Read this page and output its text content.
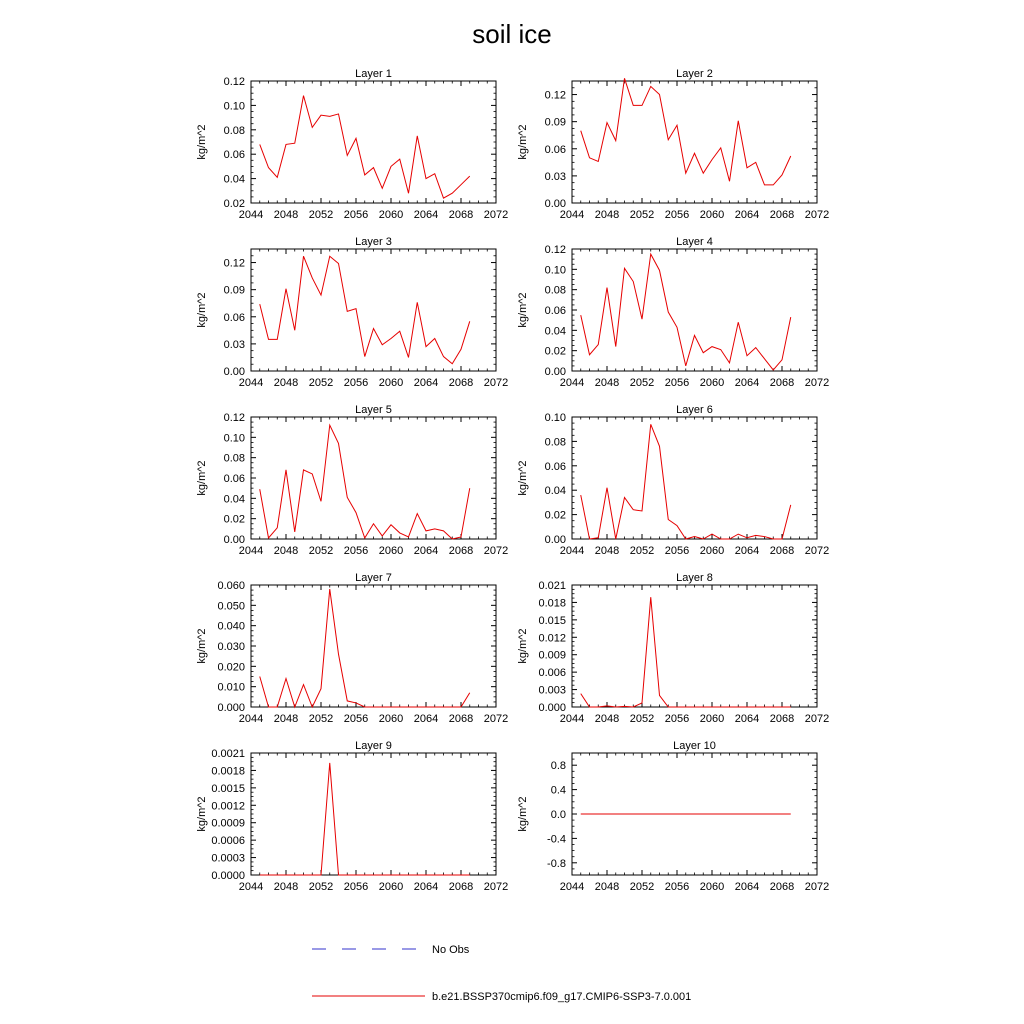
soil ice
Layer 1
kg/m^2
2044 2048 2052 2056 2060 2064 2068 2072
0.02
0.04
0.06
0.08
0.10
0.12
Layer 2
kg/m^2
2044 2048 2052 2056 2060 2064 2068 2072
0.00
0.03
0.06
0.09
0.12
Layer 3
kg/m^2
2044 2048 2052 2056 2060 2064 2068 2072
0.00
0.03
0.06
0.09
0.12
Layer 4
kg/m^2
2044 2048 2052 2056 2060 2064 2068 2072
0.00
0.02
0.04
0.06
0.08
0.10
0.12
Layer 5
kg/m^2
2044 2048 2052 2056 2060 2064 2068 2072
0.00
0.02
0.04
0.06
0.08
0.10
0.12
Layer 6
kg/m^2
2044 2048 2052 2056 2060 2064 2068 2072
0.00
0.02
0.04
0.06
0.08
0.10
Layer 7
kg/m^2
2044 2048 2052 2056 2060 2064 2068 2072
0.000
0.010
0.020
0.030
0.040
0.050
0.060
Layer 8
kg/m^2
2044 2048 2052 2056 2060 2064 2068 2072
0.000
0.003
0.006
0.009
0.012
0.015
0.018
0.021
Layer 9
kg/m^2
2044 2048 2052 2056 2060 2064 2068 2072
0.0000
0.0003
0.0006
0.0009
0.0012
0.0015
0.0018
0.0021
Layer 10
kg/m^2
2044 2048 2052 2056 2060 2064 2068 2072
-0.8
-0.4
0.0
0.4
0.8
No Obs
b.e21.BSSP370cmip6.f09_g17.CMIP6-SSP3-7.0.001
